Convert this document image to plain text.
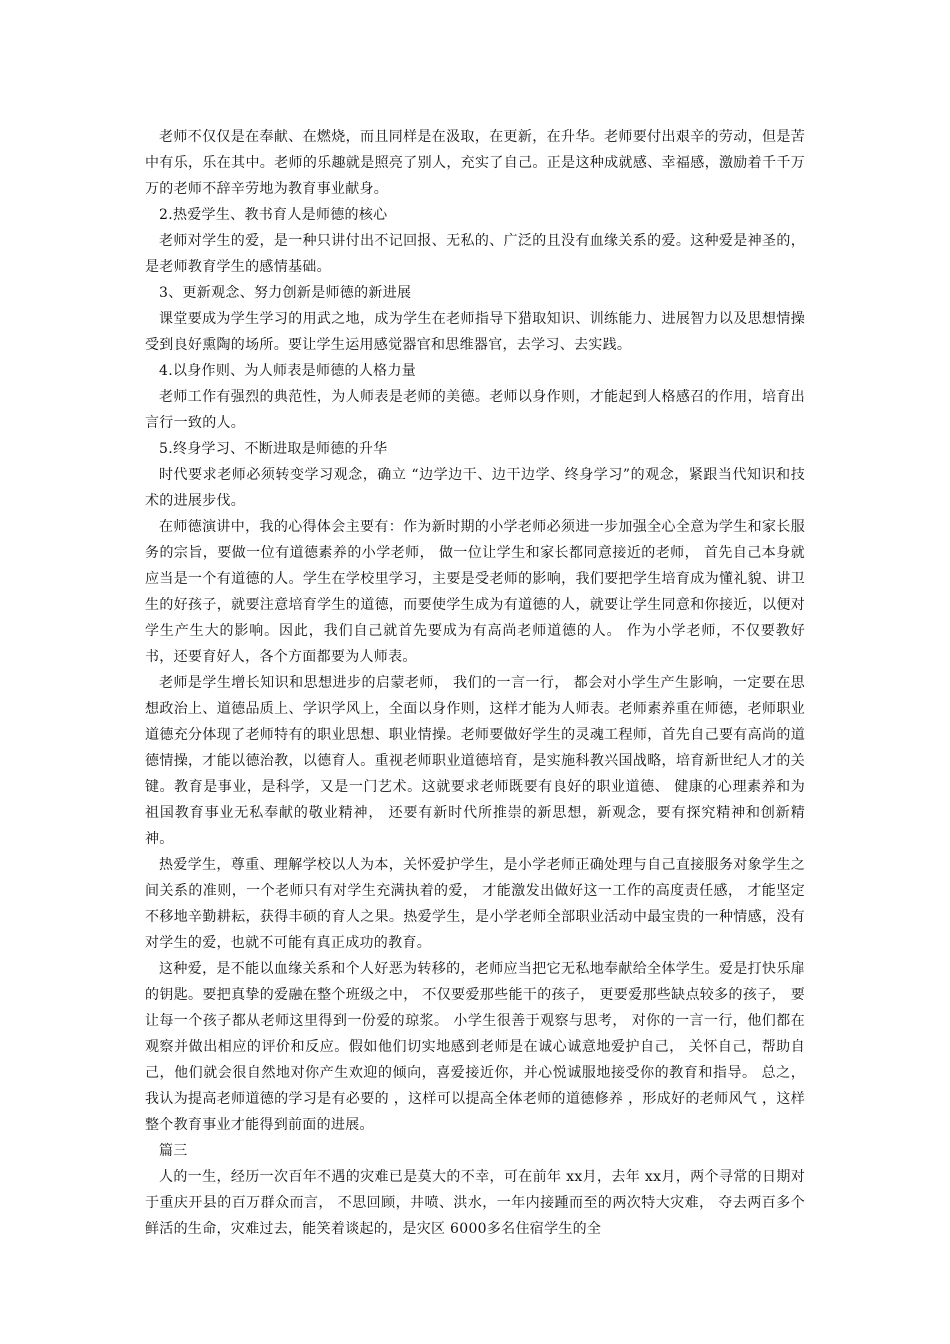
老师不仅仅是在奉献、在燃烧，而且同样是在汲取，在更新，在升华。老师要付出艰辛的劳动，但是苦中有乐，乐在其中。老师的乐趣就是照亮了别人，充实了自己。正是这种成就感、幸福感，激励着千千万万的老师不辞辛劳地为教育事业献身。

2.热爱学生、教书育人是师德的核心

老师对学生的爱，是一种只讲付出不记回报、无私的、广泛的且没有血缘关系的爱。这种爱是神圣的，是老师教育学生的感情基础。

3、更新观念、努力创新是师德的新进展

课堂要成为学生学习的用武之地，成为学生在老师指导下猎取知识、训练能力、进展智力以及思想情操受到良好熏陶的场所。要让学生运用感觉器官和思维器官，去学习、去实践。

4.以身作则、为人师表是师德的人格力量

老师工作有强烈的典范性，为人师表是老师的美德。老师以身作则，才能起到人格感召的作用，培育出言行一致的人。

5.终身学习、不断进取是师德的升华

时代要求老师必须转变学习观念，确立 “边学边干、边干边学、终身学习”的观念，紧跟当代知识和技术的进展步伐。

在师德演讲中，我的心得体会主要有：作为新时期的小学老师必须进一步加强全心全意为学生和家长服务的宗旨，要做一位有道德素养的小学老师， 做一位让学生和家长都同意接近的老师， 首先自己本身就应当是一个有道德的人。学生在学校里学习，主要是受老师的影响，我们要把学生培育成为懂礼貌、讲卫生的好孩子，就要注意培育学生的道德，而要使学生成为有道德的人，就要让学生同意和你接近，以便对学生产生大的影响。因此，我们自己就首先要成为有高尚老师道德的人。 作为小学老师，不仅要教好书，还要育好人，各个方面都要为人师表。

老师是学生增长知识和思想进步的启蒙老师， 我们的一言一行， 都会对小学生产生影响，一定要在思想政治上、道德品质上、学识学风上，全面以身作则，这样才能为人师表。老师素养重在师德，老师职业道德充分体现了老师特有的职业思想、职业情操。老师要做好学生的灵魂工程师，首先自己要有高尚的道德情操，才能以德治教，以德育人。重视老师职业道德培育，是实施科教兴国战略，培育新世纪人才的关键。教育是事业，是科学，又是一门艺术。这就要求老师既要有良好的职业道德、 健康的心理素养和为祖国教育事业无私奉献的敬业精神， 还要有新时代所推崇的新思想，新观念，要有探究精神和创新精神。

热爱学生，尊重、理解学校以人为本，关怀爱护学生，是小学老师正确处理与自己直接服务对象学生之间关系的准则，一个老师只有对学生充满执着的爱， 才能激发出做好这一工作的高度责任感， 才能坚定不移地辛勤耕耘，获得丰硕的育人之果。热爱学生，是小学老师全部职业活动中最宝贵的一种情感，没有对学生的爱，也就不可能有真正成功的教育。

这种爱，是不能以血缘关系和个人好恶为转移的，老师应当把它无私地奉献给全体学生。爱是打快乐扉的钥匙。要把真挚的爱融在整个班级之中， 不仅要爱那些能干的孩子， 更要爱那些缺点较多的孩子， 要让每一个孩子都从老师这里得到一份爱的琼浆。 小学生很善于观察与思考， 对你的一言一行，他们都在观察并做出相应的评价和反应。假如他们切实地感到老师是在诚心诚意地爱护自己， 关怀自己，帮助自己，他们就会很自然地对你产生欢迎的倾向，喜爱接近你，并心悦诚服地接受你的教育和指导。 总之，我认为提高老师道德的学习是有必要的 ，这样可以提高全体老师的道德修养 ，形成好的老师风气 ，这样整个教育事业才能得到前面的进展。

篇三

人的一生，经历一次百年不遇的灾难已是莫大的不幸，可在前年 xx月，去年 xx月，两个寻常的日期对于重庆开县的百万群众而言， 不思回顾，井喷、洪水，一年内接踵而至的两次特大灾难， 夺去两百多个鲜活的生命，灾难过去，能笑着谈起的，是灾区 6000多名住宿学生的全
